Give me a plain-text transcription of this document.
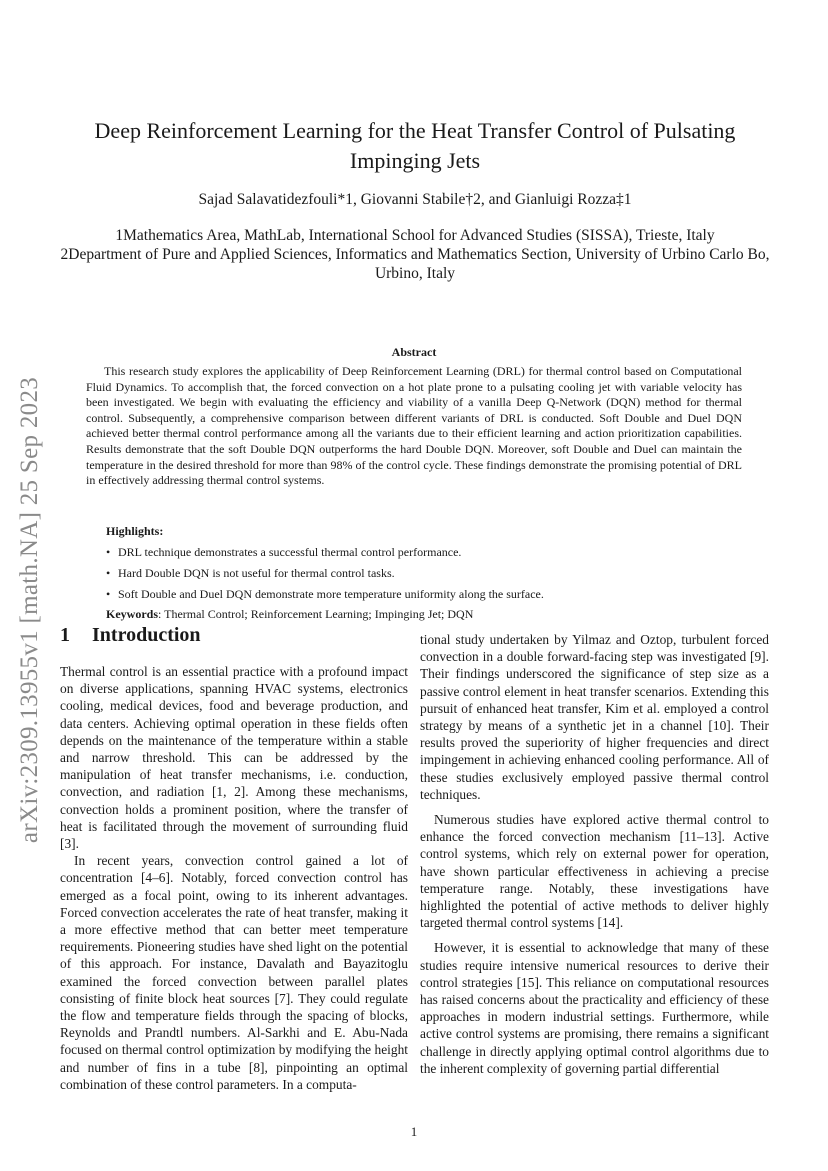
arXiv:2309.13955v1 [math.NA] 25 Sep 2023
Deep Reinforcement Learning for the Heat Transfer Control of Pulsating Impinging Jets
Sajad Salavatidezfouli*1, Giovanni Stabile†2, and Gianluigi Rozza‡1
1Mathematics Area, MathLab, International School for Advanced Studies (SISSA), Trieste, Italy
2Department of Pure and Applied Sciences, Informatics and Mathematics Section, University of Urbino Carlo Bo, Urbino, Italy
Abstract

This research study explores the applicability of Deep Reinforcement Learning (DRL) for thermal control based on Computational Fluid Dynamics. To accomplish that, the forced convection on a hot plate prone to a pulsating cooling jet with variable velocity has been investigated. We begin with evaluating the efficiency and viability of a vanilla Deep Q-Network (DQN) method for thermal control. Subsequently, a comprehensive comparison between different variants of DRL is conducted. Soft Double and Duel DQN achieved better thermal control performance among all the variants due to their efficient learning and action prioritization capabilities. Results demonstrate that the soft Double DQN outperforms the hard Double DQN. Moreover, soft Double and Duel can maintain the temperature in the desired threshold for more than 98% of the control cycle. These findings demonstrate the promising potential of DRL in effectively addressing thermal control systems.

Highlights:
• DRL technique demonstrates a successful thermal control performance.
• Hard Double DQN is not useful for thermal control tasks.
• Soft Double and Duel DQN demonstrate more temperature uniformity along the surface.
Keywords: Thermal Control; Reinforcement Learning; Impinging Jet; DQN
1 Introduction

Thermal control is an essential practice with a profound impact on diverse applications, spanning HVAC systems, electronics cooling, medical devices, food and beverage production, and data centers. Achieving optimal operation in these fields often depends on the maintenance of the temperature within a stable and narrow threshold. This can be addressed by the manipulation of heat transfer mechanisms, i.e. conduction, convection, and radiation [1, 2]. Among these mechanisms, convection holds a prominent position, where the transfer of heat is facilitated through the movement of surrounding fluid [3].

In recent years, convection control gained a lot of concentration [4–6]. Notably, forced convection control has emerged as a focal point, owing to its inherent advantages. Forced convection accelerates the rate of heat transfer, making it a more effective method that can better meet temperature requirements. Pioneering studies have shed light on the potential of this approach. For instance, Davalath and Bayazitoglu examined the forced convection between parallel plates consisting of finite block heat sources [7]. They could regulate the flow and temperature fields through the spacing of blocks, Reynolds and Prandtl numbers. Al-Sarkhi and E. Abu-Nada focused on thermal control optimization by modifying the height and number of fins in a tube [8], pinpointing an optimal combination of these control parameters. In a computa-

tional study undertaken by Yilmaz and Oztop, turbulent forced convection in a double forward-facing step was investigated [9]. Their findings underscored the significance of step size as a passive control element in heat transfer scenarios. Extending this pursuit of enhanced heat transfer, Kim et al. employed a control strategy by means of a synthetic jet in a channel [10]. Their results proved the superiority of higher frequencies and direct impingement in achieving enhanced cooling performance. All of these studies exclusively employed passive thermal control techniques.

Numerous studies have explored active thermal control to enhance the forced convection mechanism [11–13]. Active control systems, which rely on external power for operation, have shown particular effectiveness in achieving a precise temperature range. Notably, these investigations have highlighted the potential of active methods to deliver highly targeted thermal control systems [14].

However, it is essential to acknowledge that many of these studies require intensive numerical resources to derive their control strategies [15]. This reliance on computational resources has raised concerns about the practicality and efficiency of these approaches in modern industrial settings. Furthermore, while active control systems are promising, there remains a significant challenge in directly applying optimal control algorithms due to the inherent complexity of governing partial differential

1
